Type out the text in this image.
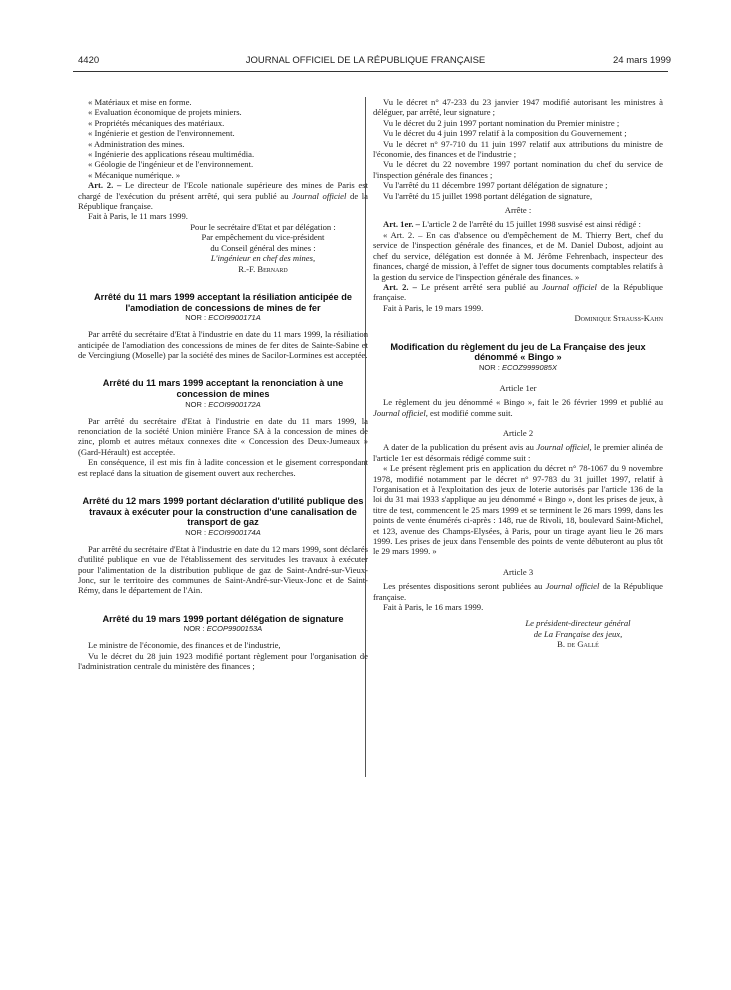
4420	JOURNAL OFFICIEL DE LA RÉPUBLIQUE FRANÇAISE	24 mars 1999

« Matériaux et mise en forme.

« Evaluation économique de projets miniers.

« Propriétés mécaniques des matériaux.

« Ingénierie et gestion de l'environnement.

« Administration des mines.

« Ingénierie des applications réseau multimédia.

« Géologie de l'ingénieur et de l'environnement.

« Mécanique numérique. »

Art. 2. – Le directeur de l'Ecole nationale supérieure des mines de Paris est chargé de l'exécution du présent arrêté, qui sera publié au Journal officiel de la République française.

Fait à Paris, le 11 mars 1999.

Pour le secrétaire d'Etat et par délégation :
Par empêchement du vice-président
du Conseil général des mines :
L'ingénieur en chef des mines,
R.-F. Bernard
Arrêté du 11 mars 1999 acceptant la résiliation anticipée de l'amodiation de concessions de mines de fer
NOR : ECOI9900171A

Par arrêté du secrétaire d'Etat à l'industrie en date du 11 mars 1999, la résiliation anticipée de l'amodiation des concessions de mines de fer dites de Sainte-Sabine et de Vercingiung (Moselle) par la société des mines de Sacilor-Lormines est acceptée.

Arrêté du 11 mars 1999 acceptant la renonciation à une concession de mines
NOR : ECOI9900172A

Par arrêté du secrétaire d'Etat à l'industrie en date du 11 mars 1999, la renonciation de la société Union minière France SA à la concession de mines de zinc, plomb et autres métaux connexes dite « Concession des Deux-Jumeaux » (Gard-Hérault) est acceptée.

En conséquence, il est mis fin à ladite concession et le gisement correspondant est replacé dans la situation de gisement ouvert aux recherches.

Arrêté du 12 mars 1999 portant déclaration d'utilité publique des travaux à exécuter pour la construction d'une canalisation de transport de gaz
NOR : ECOI9900174A

Par arrêté du secrétaire d'Etat à l'industrie en date du 12 mars 1999, sont déclarés d'utilité publique en vue de l'établissement des servitudes les travaux à exécuter pour l'alimentation de la distribution publique de gaz de Saint-André-sur-Vieux-Jonc, sur le territoire des communes de Saint-André-sur-Vieux-Jonc et de Saint-Rémy, dans le département de l'Ain.

Arrêté du 19 mars 1999 portant délégation de signature
NOR : ECOP9900153A

Le ministre de l'économie, des finances et de l'industrie,

Vu le décret du 28 juin 1923 modifié portant règlement pour l'organisation de l'administration centrale du ministère des finances ;

Vu le décret n° 47-233 du 23 janvier 1947 modifié autorisant les ministres à déléguer, par arrêté, leur signature ;

Vu le décret du 2 juin 1997 portant nomination du Premier ministre ;

Vu le décret du 4 juin 1997 relatif à la composition du Gouvernement ;

Vu le décret n° 97-710 du 11 juin 1997 relatif aux attributions du ministre de l'économie, des finances et de l'industrie ;

Vu le décret du 22 novembre 1997 portant nomination du chef du service de l'inspection générale des finances ;

Vu l'arrêté du 11 décembre 1997 portant délégation de signature ;

Vu l'arrêté du 15 juillet 1998 portant délégation de signature,

Arrête :

Art. 1er. – L'article 2 de l'arrêté du 15 juillet 1998 susvisé est ainsi rédigé :

« Art. 2. – En cas d'absence ou d'empêchement de M. Thierry Bert, chef du service de l'inspection générale des finances, et de M. Daniel Dubost, adjoint au chef du service, délégation est donnée à M. Jérôme Fehrenbach, inspecteur des finances, chargé de mission, à l'effet de signer tous documents comptables relatifs à la gestion du service de l'inspection générale des finances. »

Art. 2. – Le présent arrêté sera publié au Journal officiel de la République française.

Fait à Paris, le 19 mars 1999.

Dominique Strauss-Kahn

Modification du règlement du jeu de La Française des jeux dénommé « Bingo »
NOR : ECOZ9999085X

Article 1er

Le règlement du jeu dénommé « Bingo », fait le 26 février 1999 et publié au Journal officiel, est modifié comme suit.

Article 2

A dater de la publication du présent avis au Journal officiel, le premier alinéa de l'article 1er est désormais rédigé comme suit :

« Le présent règlement pris en application du décret n° 78-1067 du 9 novembre 1978, modifié notamment par le décret n° 97-783 du 31 juillet 1997, relatif à l'organisation et à l'exploitation des jeux de loterie autorisés par l'article 136 de la loi du 31 mai 1933 s'applique au jeu dénommé « Bingo », dont les prises de jeux, à titre de test, commencent le 25 mars 1999 et se terminent le 26 mars 1999, dans les points de vente énumérés ci-après : 148, rue de Rivoli, 18, boulevard Saint-Michel, et 123, avenue des Champs-Elysées, à Paris, pour un tirage ayant lieu le 26 mars 1999. Les prises de jeux dans l'ensemble des points de vente débuteront au plus tôt le 29 mars 1999. »

Article 3

Les présentes dispositions seront publiées au Journal officiel de la République française.

Fait à Paris, le 16 mars 1999.

Le président-directeur général
de La Française des jeux,
B. de Gallé
